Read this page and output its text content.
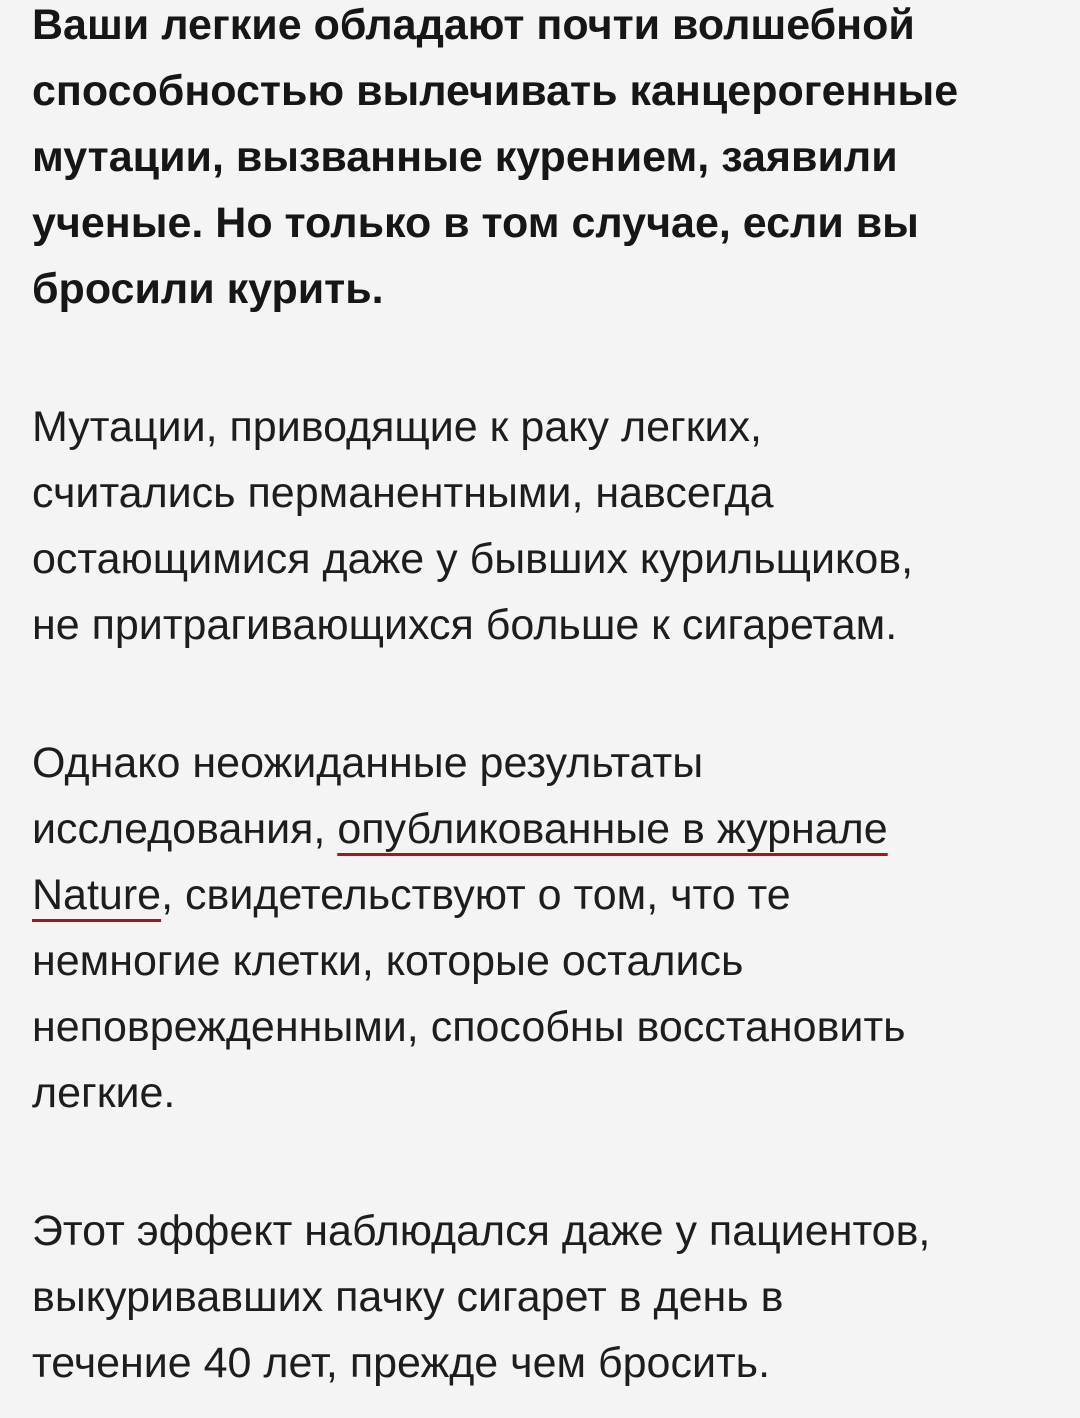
Ваши легкие обладают почти волшебной
способностью вылечивать канцерогенные
мутации, вызванные курением, заявили
ученые. Но только в том случае, если вы
бросили курить.

Мутации, приводящие к раку легких,
считались перманентными, навсегда
остающимися даже у бывших курильщиков,
не притрагивающихся больше к сигаретам.

Однако неожиданные результаты
исследования, опубликованные в журнале
Nature, свидетельствуют о том, что те
немногие клетки, которые остались
неповрежденными, способны восстановить
легкие.

Этот эффект наблюдался даже у пациентов,
выкуривавших пачку сигарет в день в
течение 40 лет, прежде чем бросить.
